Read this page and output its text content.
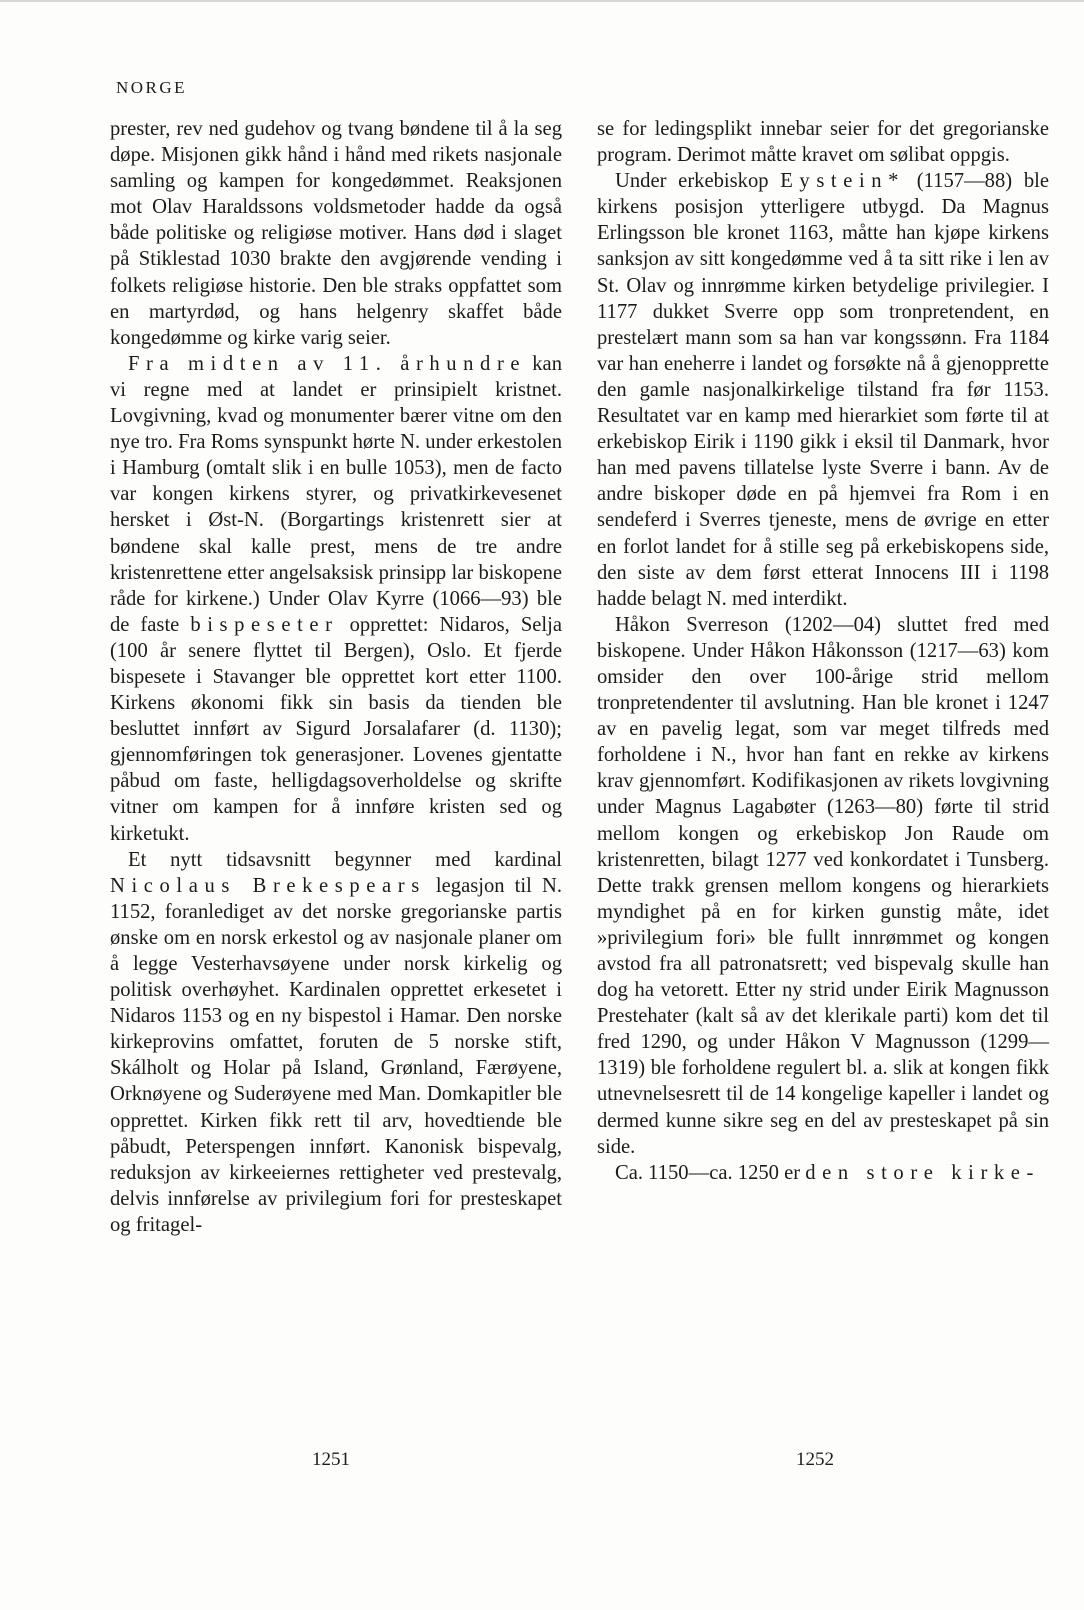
NORGE

prester, rev ned gudehov og tvang bøndene til å la seg døpe. Misjonen gikk hånd i hånd med rikets nasjonale samling og kampen for kongedømmet. Reaksjonen mot Olav Haraldssons voldsmetoder hadde da også både politiske og religiøse motiver. Hans død i slaget på Stiklestad 1030 brakte den avgjørende vending i folkets religiøse historie. Den ble straks oppfattet som en martyrdød, og hans helgenry skaffet både kongedømme og kirke varig seier.

Fra midten av 11. århundre kan vi regne med at landet er prinsipielt kristnet. Lovgivning, kvad og monumenter bærer vitne om den nye tro. Fra Roms synspunkt hørte N. under erkestolen i Hamburg (omtalt slik i en bulle 1053), men de facto var kongen kirkens styrer, og privatkirkevesenet hersket i Øst-N. (Borgartings kristenrett sier at bøndene skal kalle prest, mens de tre andre kristenrettene etter angelsaksisk prinsipp lar biskopene råde for kirkene.) Under Olav Kyrre (1066—93) ble de faste bispeseter opprettet: Nidaros, Selja (100 år senere flyttet til Bergen), Oslo. Et fjerde bispesete i Stavanger ble opprettet kort etter 1100. Kirkens økonomi fikk sin basis da tienden ble besluttet innført av Sigurd Jorsalafarer (d. 1130); gjennomføringen tok generasjoner. Lovenes gjentatte påbud om faste, helligdagsoverholdelse og skrifte vitner om kampen for å innføre kristen sed og kirketukt.

Et nytt tidsavsnitt begynner med kardinal Nicolaus Brekespears legasjon til N. 1152, foranlediget av det norske gregorianske partis ønske om en norsk erkestol og av nasjonale planer om å legge Vesterhavsøyene under norsk kirkelig og politisk overhøyhet. Kardinalen opprettet erkesetet i Nidaros 1153 og en ny bispestol i Hamar. Den norske kirkeprovins omfattet, foruten de 5 norske stift, Skálholt og Holar på Island, Grønland, Færøyene, Orknøyene og Suderøyene med Man. Domkapitler ble opprettet. Kirken fikk rett til arv, hovedtiende ble påbudt, Peterspengen innført. Kanonisk bispevalg, reduksjon av kirkeeiernes rettigheter ved prestevalg, delvis innførelse av privilegium fori for presteskapet og fritagel-

se for ledingsplikt innebar seier for det gregorianske program. Derimot måtte kravet om sølibat oppgis.

Under erkebiskop Eystein* (1157—88) ble kirkens posisjon ytterligere utbygd. Da Magnus Erlingsson ble kronet 1163, måtte han kjøpe kirkens sanksjon av sitt kongedømme ved å ta sitt rike i len av St. Olav og innrømme kirken betydelige privilegier. I 1177 dukket Sverre opp som tronpretendent, en prestelært mann som sa han var kongssønn. Fra 1184 var han eneherre i landet og forsøkte nå å gjenopprette den gamle nasjonalkirkelige tilstand fra før 1153. Resultatet var en kamp med hierarkiet som førte til at erkebiskop Eirik i 1190 gikk i eksil til Danmark, hvor han med pavens tillatelse lyste Sverre i bann. Av de andre biskoper døde en på hjemvei fra Rom i en sendeferd i Sverres tjeneste, mens de øvrige en etter en forlot landet for å stille seg på erkebiskopens side, den siste av dem først etterat Innocens III i 1198 hadde belagt N. med interdikt.

Håkon Sverreson (1202—04) sluttet fred med biskopene. Under Håkon Håkonsson (1217—63) kom omsider den over 100-årige strid mellom tronpretendenter til avslutning. Han ble kronet i 1247 av en pavelig legat, som var meget tilfreds med forholdene i N., hvor han fant en rekke av kirkens krav gjennomført. Kodifikasjonen av rikets lovgivning under Magnus Lagabøter (1263—80) førte til strid mellom kongen og erkebiskop Jon Raude om kristenretten, bilagt 1277 ved konkordatet i Tunsberg. Dette trakk grensen mellom kongens og hierarkiets myndighet på en for kirken gunstig måte, idet »privilegium fori» ble fullt innrømmet og kongen avstod fra all patronatsrett; ved bispevalg skulle han dog ha vetorett. Etter ny strid under Eirik Magnusson Prestehater (kalt så av det klerikale parti) kom det til fred 1290, og under Håkon V Magnusson (1299—1319) ble forholdene regulert bl. a. slik at kongen fikk utnevnelsesrett til de 14 kongelige kapeller i landet og dermed kunne sikre seg en del av presteskapet på sin side.

Ca. 1150—ca. 1250 er den store kirke-

1251	1252
